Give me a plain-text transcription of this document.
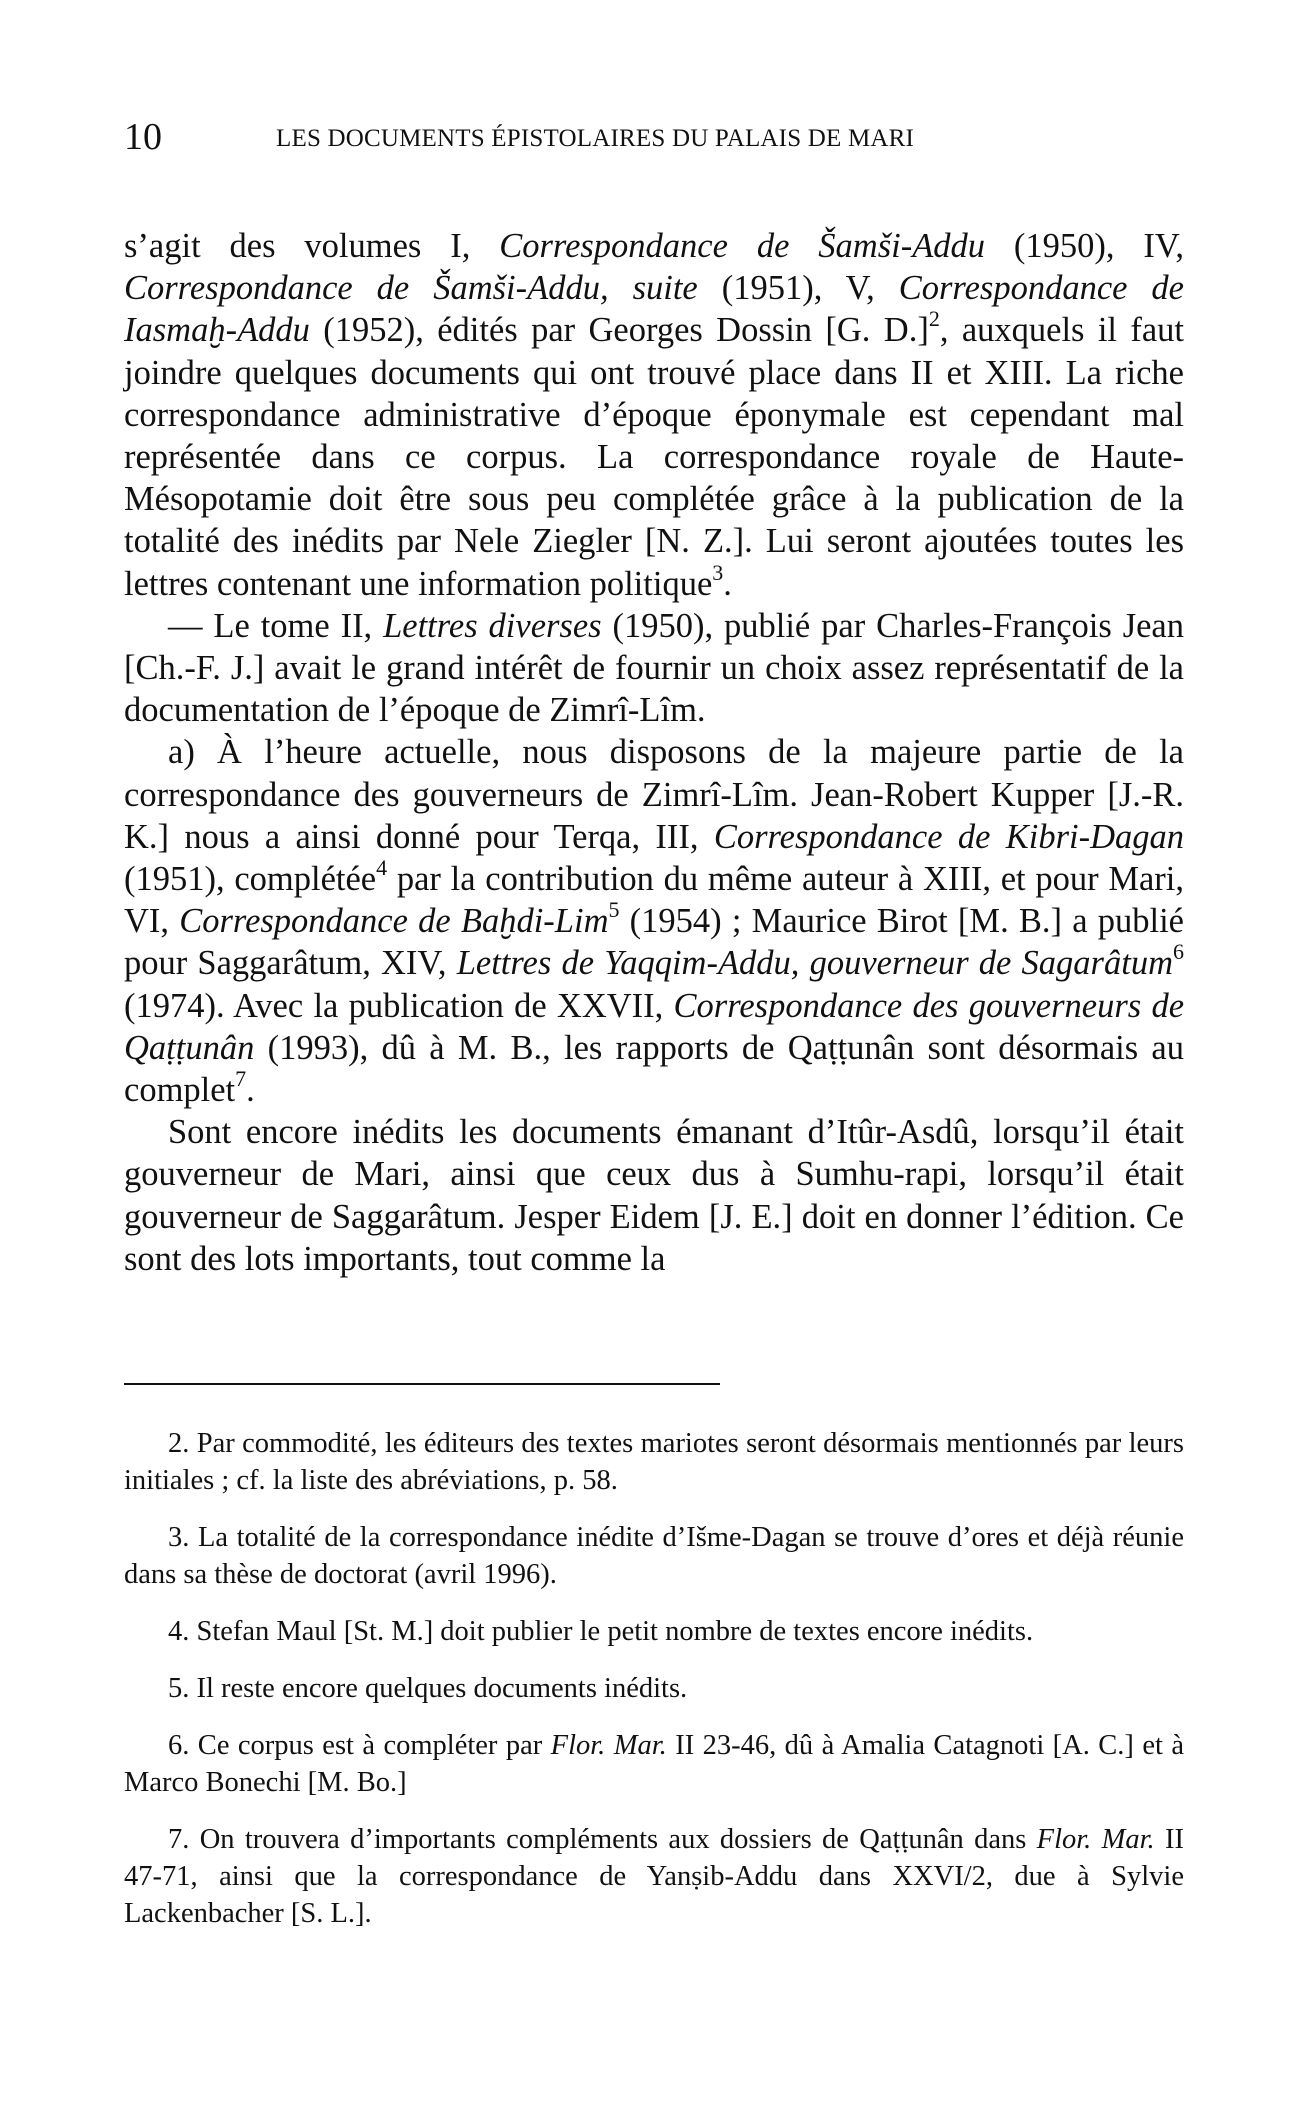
10	LES DOCUMENTS ÉPISTOLAIRES DU PALAIS DE MARI

s’agit des volumes I, Correspondance de Šamši-Addu (1950), IV, Correspondance de Šamši-Addu, suite (1951), V, Correspondance de Iasmaḫ-Addu (1952), édités par Georges Dossin [G. D.]$^2$, auxquels il faut joindre quelques documents qui ont trouvé place dans II et XIII. La riche correspondance administrative d’époque éponymale est cependant mal représentée dans ce corpus. La correspondance royale de Haute-Mésopotamie doit être sous peu complétée grâce à la publication de la totalité des inédits par Nele Ziegler [N. Z.]. Lui seront ajoutées toutes les lettres contenant une information politique$^3$.

— Le tome II, Lettres diverses (1950), publié par Charles-François Jean [Ch.-F. J.] avait le grand intérêt de fournir un choix assez représentatif de la documentation de l’époque de Zimrî-Lîm.

a) À l’heure actuelle, nous disposons de la majeure partie de la correspondance des gouverneurs de Zimrî-Lîm. Jean-Robert Kupper [J.-R. K.] nous a ainsi donné pour Terqa, III, Correspondance de Kibri-Dagan (1951), complétée$^4$ par la contribution du même auteur à XIII, et pour Mari, VI, Correspondance de Baḫdi-Lim$^5$ (1954) ; Maurice Birot [M. B.] a publié pour Saggarâtum, XIV, Lettres de Yaqqim-Addu, gouverneur de Sagarâtum$^6$ (1974). Avec la publication de XXVII, Correspondance des gouverneurs de Qaṭṭunân (1993), dû à M. B., les rapports de Qaṭṭunân sont désormais au complet$^7$.

Sont encore inédits les documents émanant d’Itûr-Asdû, lorsqu’il était gouverneur de Mari, ainsi que ceux dus à Sumhu-rapi, lorsqu’il était gouverneur de Saggarâtum. Jesper Eidem [J. E.] doit en donner l’édition. Ce sont des lots importants, tout comme la

2. Par commodité, les éditeurs des textes mariotes seront désormais mentionnés par leurs initiales ; cf. la liste des abréviations, p. 58.

3. La totalité de la correspondance inédite d’Išme-Dagan se trouve d’ores et déjà réunie dans sa thèse de doctorat (avril 1996).

4. Stefan Maul [St. M.] doit publier le petit nombre de textes encore inédits.

5. Il reste encore quelques documents inédits.

6. Ce corpus est à compléter par Flor. Mar. II 23-46, dû à Amalia Catagnoti [A. C.] et à Marco Bonechi [M. Bo.]

7. On trouvera d’importants compléments aux dossiers de Qaṭṭunân dans Flor. Mar. II 47-71, ainsi que la correspondance de Yanṣib-Addu dans XXVI/2, due à Sylvie Lackenbacher [S. L.].
